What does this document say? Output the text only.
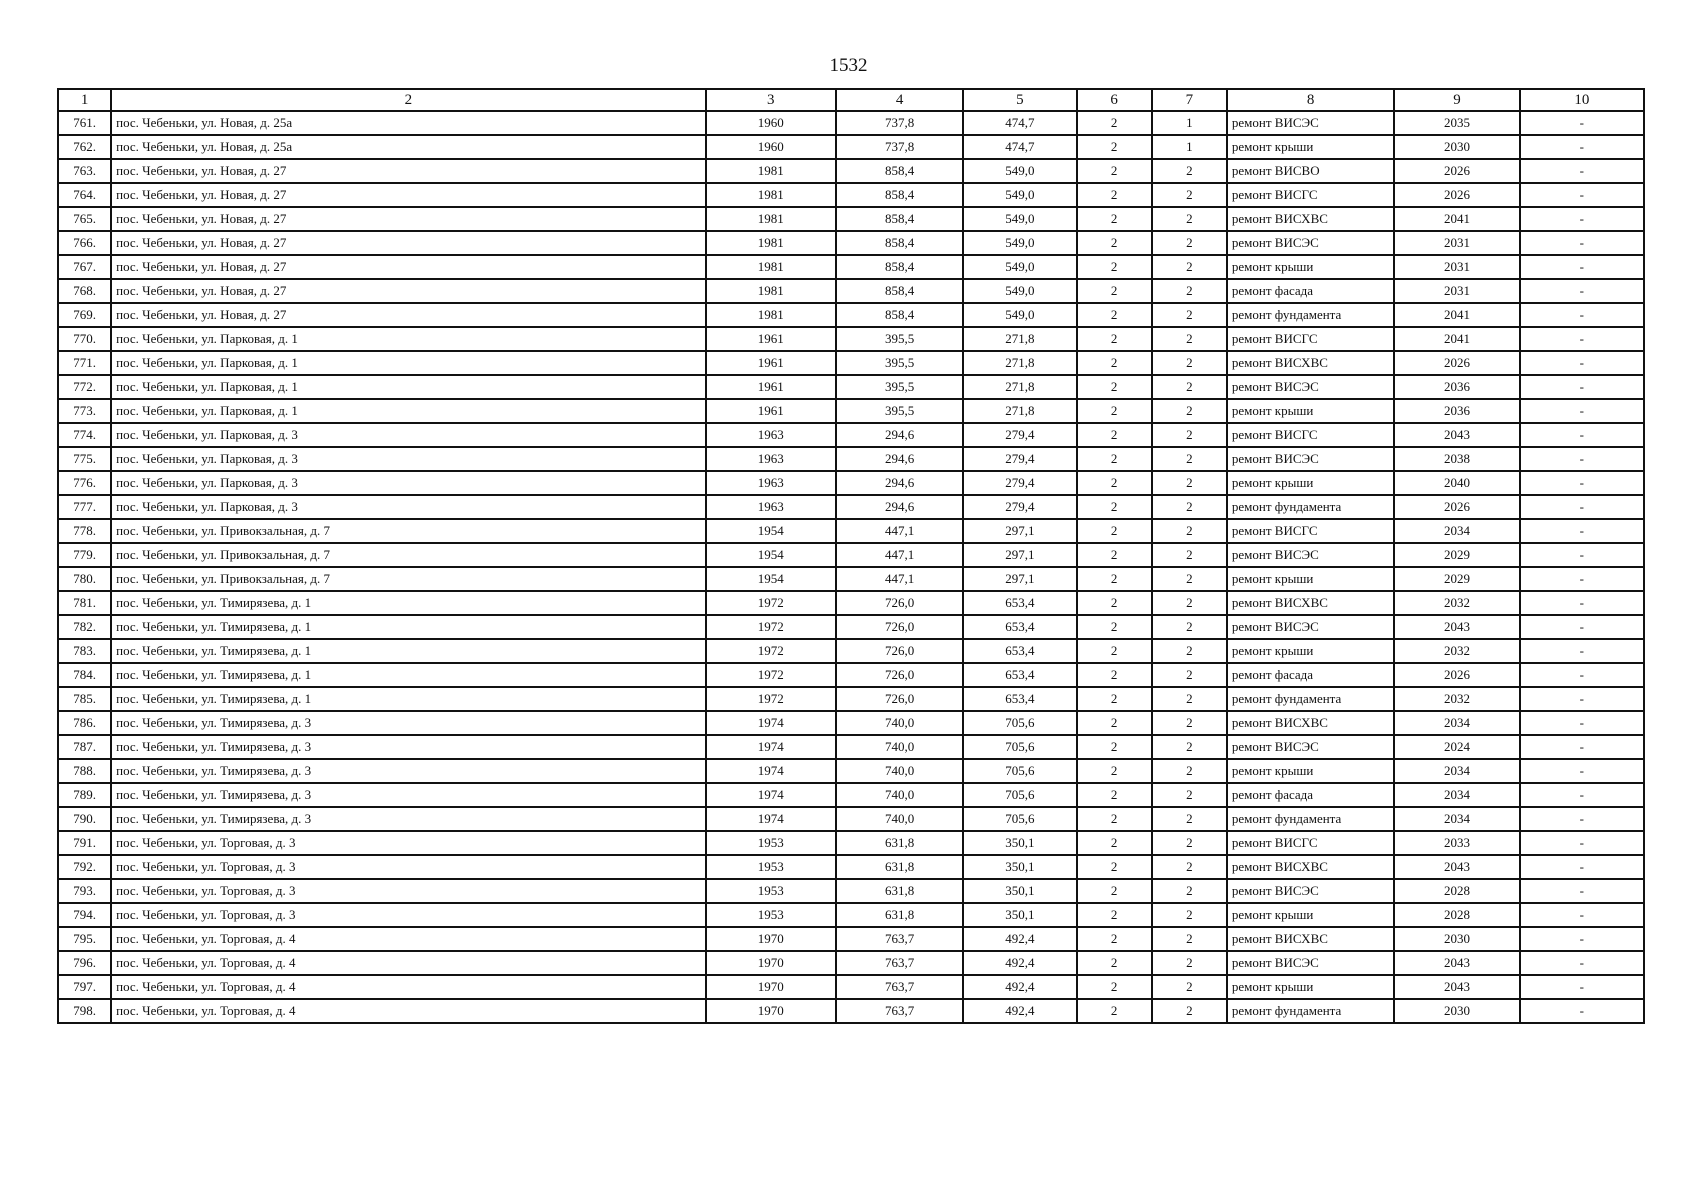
1532
1	2	3	4	5	6	7	8	9	10
761.	пос. Чебеньки, ул. Новая, д. 25а	1960	737,8	474,7	2	1	ремонт ВИСЭС	2035	-
762.	пос. Чебеньки, ул. Новая, д. 25а	1960	737,8	474,7	2	1	ремонт крыши	2030	-
763.	пос. Чебеньки, ул. Новая, д. 27	1981	858,4	549,0	2	2	ремонт ВИСВО	2026	-
764.	пос. Чебеньки, ул. Новая, д. 27	1981	858,4	549,0	2	2	ремонт ВИСГС	2026	-
765.	пос. Чебеньки, ул. Новая, д. 27	1981	858,4	549,0	2	2	ремонт ВИСХВС	2041	-
766.	пос. Чебеньки, ул. Новая, д. 27	1981	858,4	549,0	2	2	ремонт ВИСЭС	2031	-
767.	пос. Чебеньки, ул. Новая, д. 27	1981	858,4	549,0	2	2	ремонт крыши	2031	-
768.	пос. Чебеньки, ул. Новая, д. 27	1981	858,4	549,0	2	2	ремонт фасада	2031	-
769.	пос. Чебеньки, ул. Новая, д. 27	1981	858,4	549,0	2	2	ремонт фундамента	2041	-
770.	пос. Чебеньки, ул. Парковая, д. 1	1961	395,5	271,8	2	2	ремонт ВИСГС	2041	-
771.	пос. Чебеньки, ул. Парковая, д. 1	1961	395,5	271,8	2	2	ремонт ВИСХВС	2026	-
772.	пос. Чебеньки, ул. Парковая, д. 1	1961	395,5	271,8	2	2	ремонт ВИСЭС	2036	-
773.	пос. Чебеньки, ул. Парковая, д. 1	1961	395,5	271,8	2	2	ремонт крыши	2036	-
774.	пос. Чебеньки, ул. Парковая, д. 3	1963	294,6	279,4	2	2	ремонт ВИСГС	2043	-
775.	пос. Чебеньки, ул. Парковая, д. 3	1963	294,6	279,4	2	2	ремонт ВИСЭС	2038	-
776.	пос. Чебеньки, ул. Парковая, д. 3	1963	294,6	279,4	2	2	ремонт крыши	2040	-
777.	пос. Чебеньки, ул. Парковая, д. 3	1963	294,6	279,4	2	2	ремонт фундамента	2026	-
778.	пос. Чебеньки, ул. Привокзальная, д. 7	1954	447,1	297,1	2	2	ремонт ВИСГС	2034	-
779.	пос. Чебеньки, ул. Привокзальная, д. 7	1954	447,1	297,1	2	2	ремонт ВИСЭС	2029	-
780.	пос. Чебеньки, ул. Привокзальная, д. 7	1954	447,1	297,1	2	2	ремонт крыши	2029	-
781.	пос. Чебеньки, ул. Тимирязева, д. 1	1972	726,0	653,4	2	2	ремонт ВИСХВС	2032	-
782.	пос. Чебеньки, ул. Тимирязева, д. 1	1972	726,0	653,4	2	2	ремонт ВИСЭС	2043	-
783.	пос. Чебеньки, ул. Тимирязева, д. 1	1972	726,0	653,4	2	2	ремонт крыши	2032	-
784.	пос. Чебеньки, ул. Тимирязева, д. 1	1972	726,0	653,4	2	2	ремонт фасада	2026	-
785.	пос. Чебеньки, ул. Тимирязева, д. 1	1972	726,0	653,4	2	2	ремонт фундамента	2032	-
786.	пос. Чебеньки, ул. Тимирязева, д. 3	1974	740,0	705,6	2	2	ремонт ВИСХВС	2034	-
787.	пос. Чебеньки, ул. Тимирязева, д. 3	1974	740,0	705,6	2	2	ремонт ВИСЭС	2024	-
788.	пос. Чебеньки, ул. Тимирязева, д. 3	1974	740,0	705,6	2	2	ремонт крыши	2034	-
789.	пос. Чебеньки, ул. Тимирязева, д. 3	1974	740,0	705,6	2	2	ремонт фасада	2034	-
790.	пос. Чебеньки, ул. Тимирязева, д. 3	1974	740,0	705,6	2	2	ремонт фундамента	2034	-
791.	пос. Чебеньки, ул. Торговая, д. 3	1953	631,8	350,1	2	2	ремонт ВИСГС	2033	-
792.	пос. Чебеньки, ул. Торговая, д. 3	1953	631,8	350,1	2	2	ремонт ВИСХВС	2043	-
793.	пос. Чебеньки, ул. Торговая, д. 3	1953	631,8	350,1	2	2	ремонт ВИСЭС	2028	-
794.	пос. Чебеньки, ул. Торговая, д. 3	1953	631,8	350,1	2	2	ремонт крыши	2028	-
795.	пос. Чебеньки, ул. Торговая, д. 4	1970	763,7	492,4	2	2	ремонт ВИСХВС	2030	-
796.	пос. Чебеньки, ул. Торговая, д. 4	1970	763,7	492,4	2	2	ремонт ВИСЭС	2043	-
797.	пос. Чебеньки, ул. Торговая, д. 4	1970	763,7	492,4	2	2	ремонт крыши	2043	-
798.	пос. Чебеньки, ул. Торговая, д. 4	1970	763,7	492,4	2	2	ремонт фундамента	2030	-
